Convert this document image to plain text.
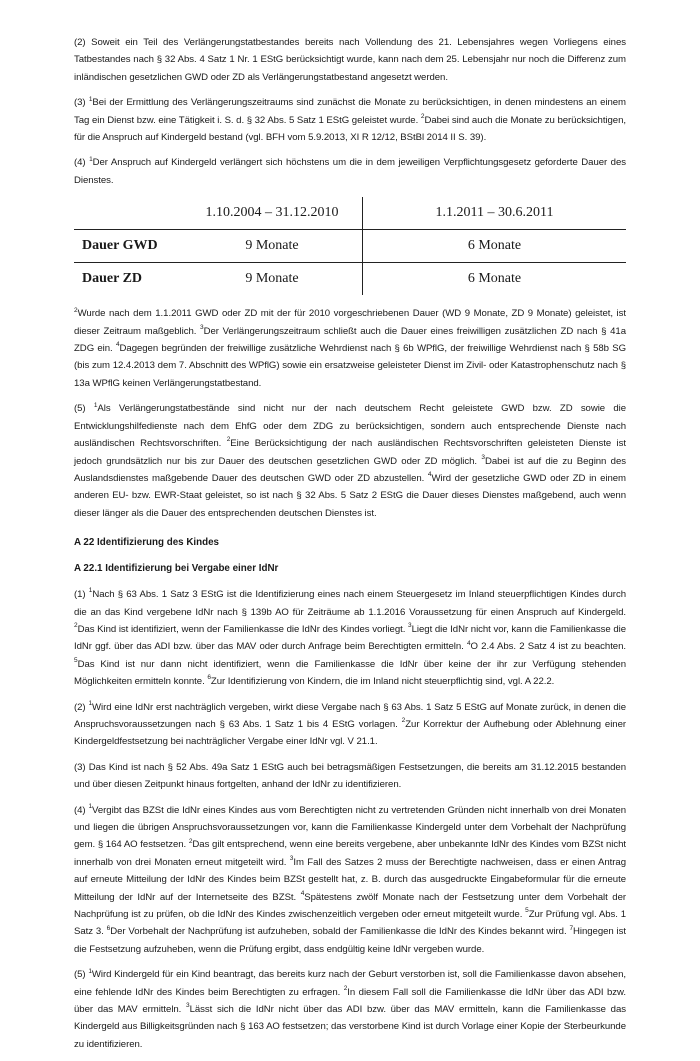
(2) Soweit ein Teil des Verlängerungstatbestandes bereits nach Vollendung des 21. Lebensjahres wegen Vorliegens eines Tatbestandes nach § 32 Abs. 4 Satz 1 Nr. 1 EStG berücksichtigt wurde, kann nach dem 25. Lebensjahr nur noch die Differenz zum inländischen gesetzlichen GWD oder ZD als Verlängerungstatbestand angesetzt werden.

(3) $^1$Bei der Ermittlung des Verlängerungszeitraums sind zunächst die Monate zu berücksichtigen, in denen mindestens an einem Tag ein Dienst bzw. eine Tätigkeit i. S. d. § 32 Abs. 5 Satz 1 EStG geleistet wurde. $^2$Dabei sind auch die Monate zu berücksichtigen, für die Anspruch auf Kindergeld bestand (vgl. BFH vom 5.9.2013, XI R 12/12, BStBl 2014 II S. 39).

(4) $^1$Der Anspruch auf Kindergeld verlängert sich höchstens um die in dem jeweiligen Verpflichtungsgesetz geforderte Dauer des Dienstes.

	1.10.2004 – 31.12.2010	1.1.2011 – 30.6.2011
Dauer GWD	9 Monate	6 Monate
Dauer ZD	9 Monate	6 Monate

$^2$Wurde nach dem 1.1.2011 GWD oder ZD mit der für 2010 vorgeschriebenen Dauer (WD 9 Monate, ZD 9 Monate) geleistet, ist dieser Zeitraum maßgeblich. $^3$Der Verlängerungszeitraum schließt auch die Dauer eines freiwilligen zusätzlichen ZD nach § 41a ZDG ein. $^4$Dagegen begründen der freiwillige zusätzliche Wehrdienst nach § 6b WPflG, der freiwillige Wehrdienst nach § 58b SG (bis zum 12.4.2013 dem 7. Abschnitt des WPflG) sowie ein ersatzweise geleisteter Dienst im Zivil- oder Katastrophenschutz nach § 13a WPflG keinen Verlängerungstatbestand.

(5) $^1$Als Verlängerungstatbestände sind nicht nur der nach deutschem Recht geleistete GWD bzw. ZD sowie die Entwicklungshilfedienste nach dem EhfG oder dem ZDG zu berücksichtigen, sondern auch entsprechende Dienste nach ausländischen Rechtsvorschriften. $^2$Eine Berücksichtigung der nach ausländischen Rechtsvorschriften geleisteten Dienste ist jedoch grundsätzlich nur bis zur Dauer des deutschen gesetzlichen GWD oder ZD möglich. $^3$Dabei ist auf die zu Beginn des Auslandsdienstes maßgebende Dauer des deutschen GWD oder ZD abzustellen. $^4$Wird der gesetzliche GWD oder ZD in einem anderen EU- bzw. EWR-Staat geleistet, so ist nach § 32 Abs. 5 Satz 2 EStG die Dauer dieses Dienstes maßgebend, auch wenn dieser länger als die Dauer des entsprechenden deutschen Dienstes ist.

A 22 Identifizierung des Kindes
A 22.1 Identifizierung bei Vergabe einer IdNr

(1) $^1$Nach § 63 Abs. 1 Satz 3 EStG ist die Identifizierung eines nach einem Steuergesetz im Inland steuerpflichtigen Kindes durch die an das Kind vergebene IdNr nach § 139b AO für Zeiträume ab 1.1.2016 Voraussetzung für einen Anspruch auf Kindergeld. $^2$Das Kind ist identifiziert, wenn der Familienkasse die IdNr des Kindes vorliegt. $^3$Liegt die IdNr nicht vor, kann die Familienkasse die IdNr ggf. über das ADI bzw. über das MAV oder durch Anfrage beim Berechtigten ermitteln. $^4$O 2.4 Abs. 2 Satz 4 ist zu beachten. $^5$Das Kind ist nur dann nicht identifiziert, wenn die Familienkasse die IdNr über keine der ihr zur Verfügung stehenden Möglichkeiten ermitteln konnte. $^6$Zur Identifizierung von Kindern, die im Inland nicht steuerpflichtig sind, vgl. A 22.2.

(2) $^1$Wird eine IdNr erst nachträglich vergeben, wirkt diese Vergabe nach § 63 Abs. 1 Satz 5 EStG auf Monate zurück, in denen die Anspruchsvoraussetzungen nach § 63 Abs. 1 Satz 1 bis 4 EStG vorlagen. $^2$Zur Korrektur der Aufhebung oder Ablehnung einer Kindergeldfestsetzung bei nachträglicher Vergabe einer IdNr vgl. V 21.1.

(3) Das Kind ist nach § 52 Abs. 49a Satz 1 EStG auch bei betragsmäßigen Festsetzungen, die bereits am 31.12.2015 bestanden und über diesen Zeitpunkt hinaus fortgelten, anhand der IdNr zu identifizieren.

(4) $^1$Vergibt das BZSt die IdNr eines Kindes aus vom Berechtigten nicht zu vertretenden Gründen nicht innerhalb von drei Monaten und liegen die übrigen Anspruchsvoraussetzungen vor, kann die Familienkasse Kindergeld unter dem Vorbehalt der Nachprüfung gem. § 164 AO festsetzen. $^2$Das gilt entsprechend, wenn eine bereits vergebene, aber unbekannte IdNr des Kindes vom BZSt nicht innerhalb von drei Monaten erneut mitgeteilt wird. $^3$Im Fall des Satzes 2 muss der Berechtigte nachweisen, dass er einen Antrag auf erneute Mitteilung der IdNr des Kindes beim BZSt gestellt hat, z. B. durch das ausgedruckte Eingabeformular für die erneute Mitteilung der IdNr auf der Internetseite des BZSt. $^4$Spätestens zwölf Monate nach der Festsetzung unter dem Vorbehalt der Nachprüfung ist zu prüfen, ob die IdNr des Kindes zwischenzeitlich vergeben oder erneut mitgeteilt wurde. $^5$Zur Prüfung vgl. Abs. 1 Satz 3. $^6$Der Vorbehalt der Nachprüfung ist aufzuheben, sobald der Familienkasse die IdNr des Kindes bekannt wird. $^7$Hingegen ist die Festsetzung aufzuheben, wenn die Prüfung ergibt, dass endgültig keine IdNr vergeben wurde.

(5) $^1$Wird Kindergeld für ein Kind beantragt, das bereits kurz nach der Geburt verstorben ist, soll die Familienkasse davon absehen, eine fehlende IdNr des Kindes beim Berechtigten zu erfragen. $^2$In diesem Fall soll die Familienkasse die IdNr über das ADI bzw. über das MAV ermitteln. $^3$Lässt sich die IdNr nicht über das ADI bzw. über das MAV ermitteln, kann die Familienkasse das Kindergeld aus Billigkeitsgründen nach § 163 AO festsetzen; das verstorbene Kind ist durch Vorlage einer Kopie der Sterbeurkunde zu identifizieren.
